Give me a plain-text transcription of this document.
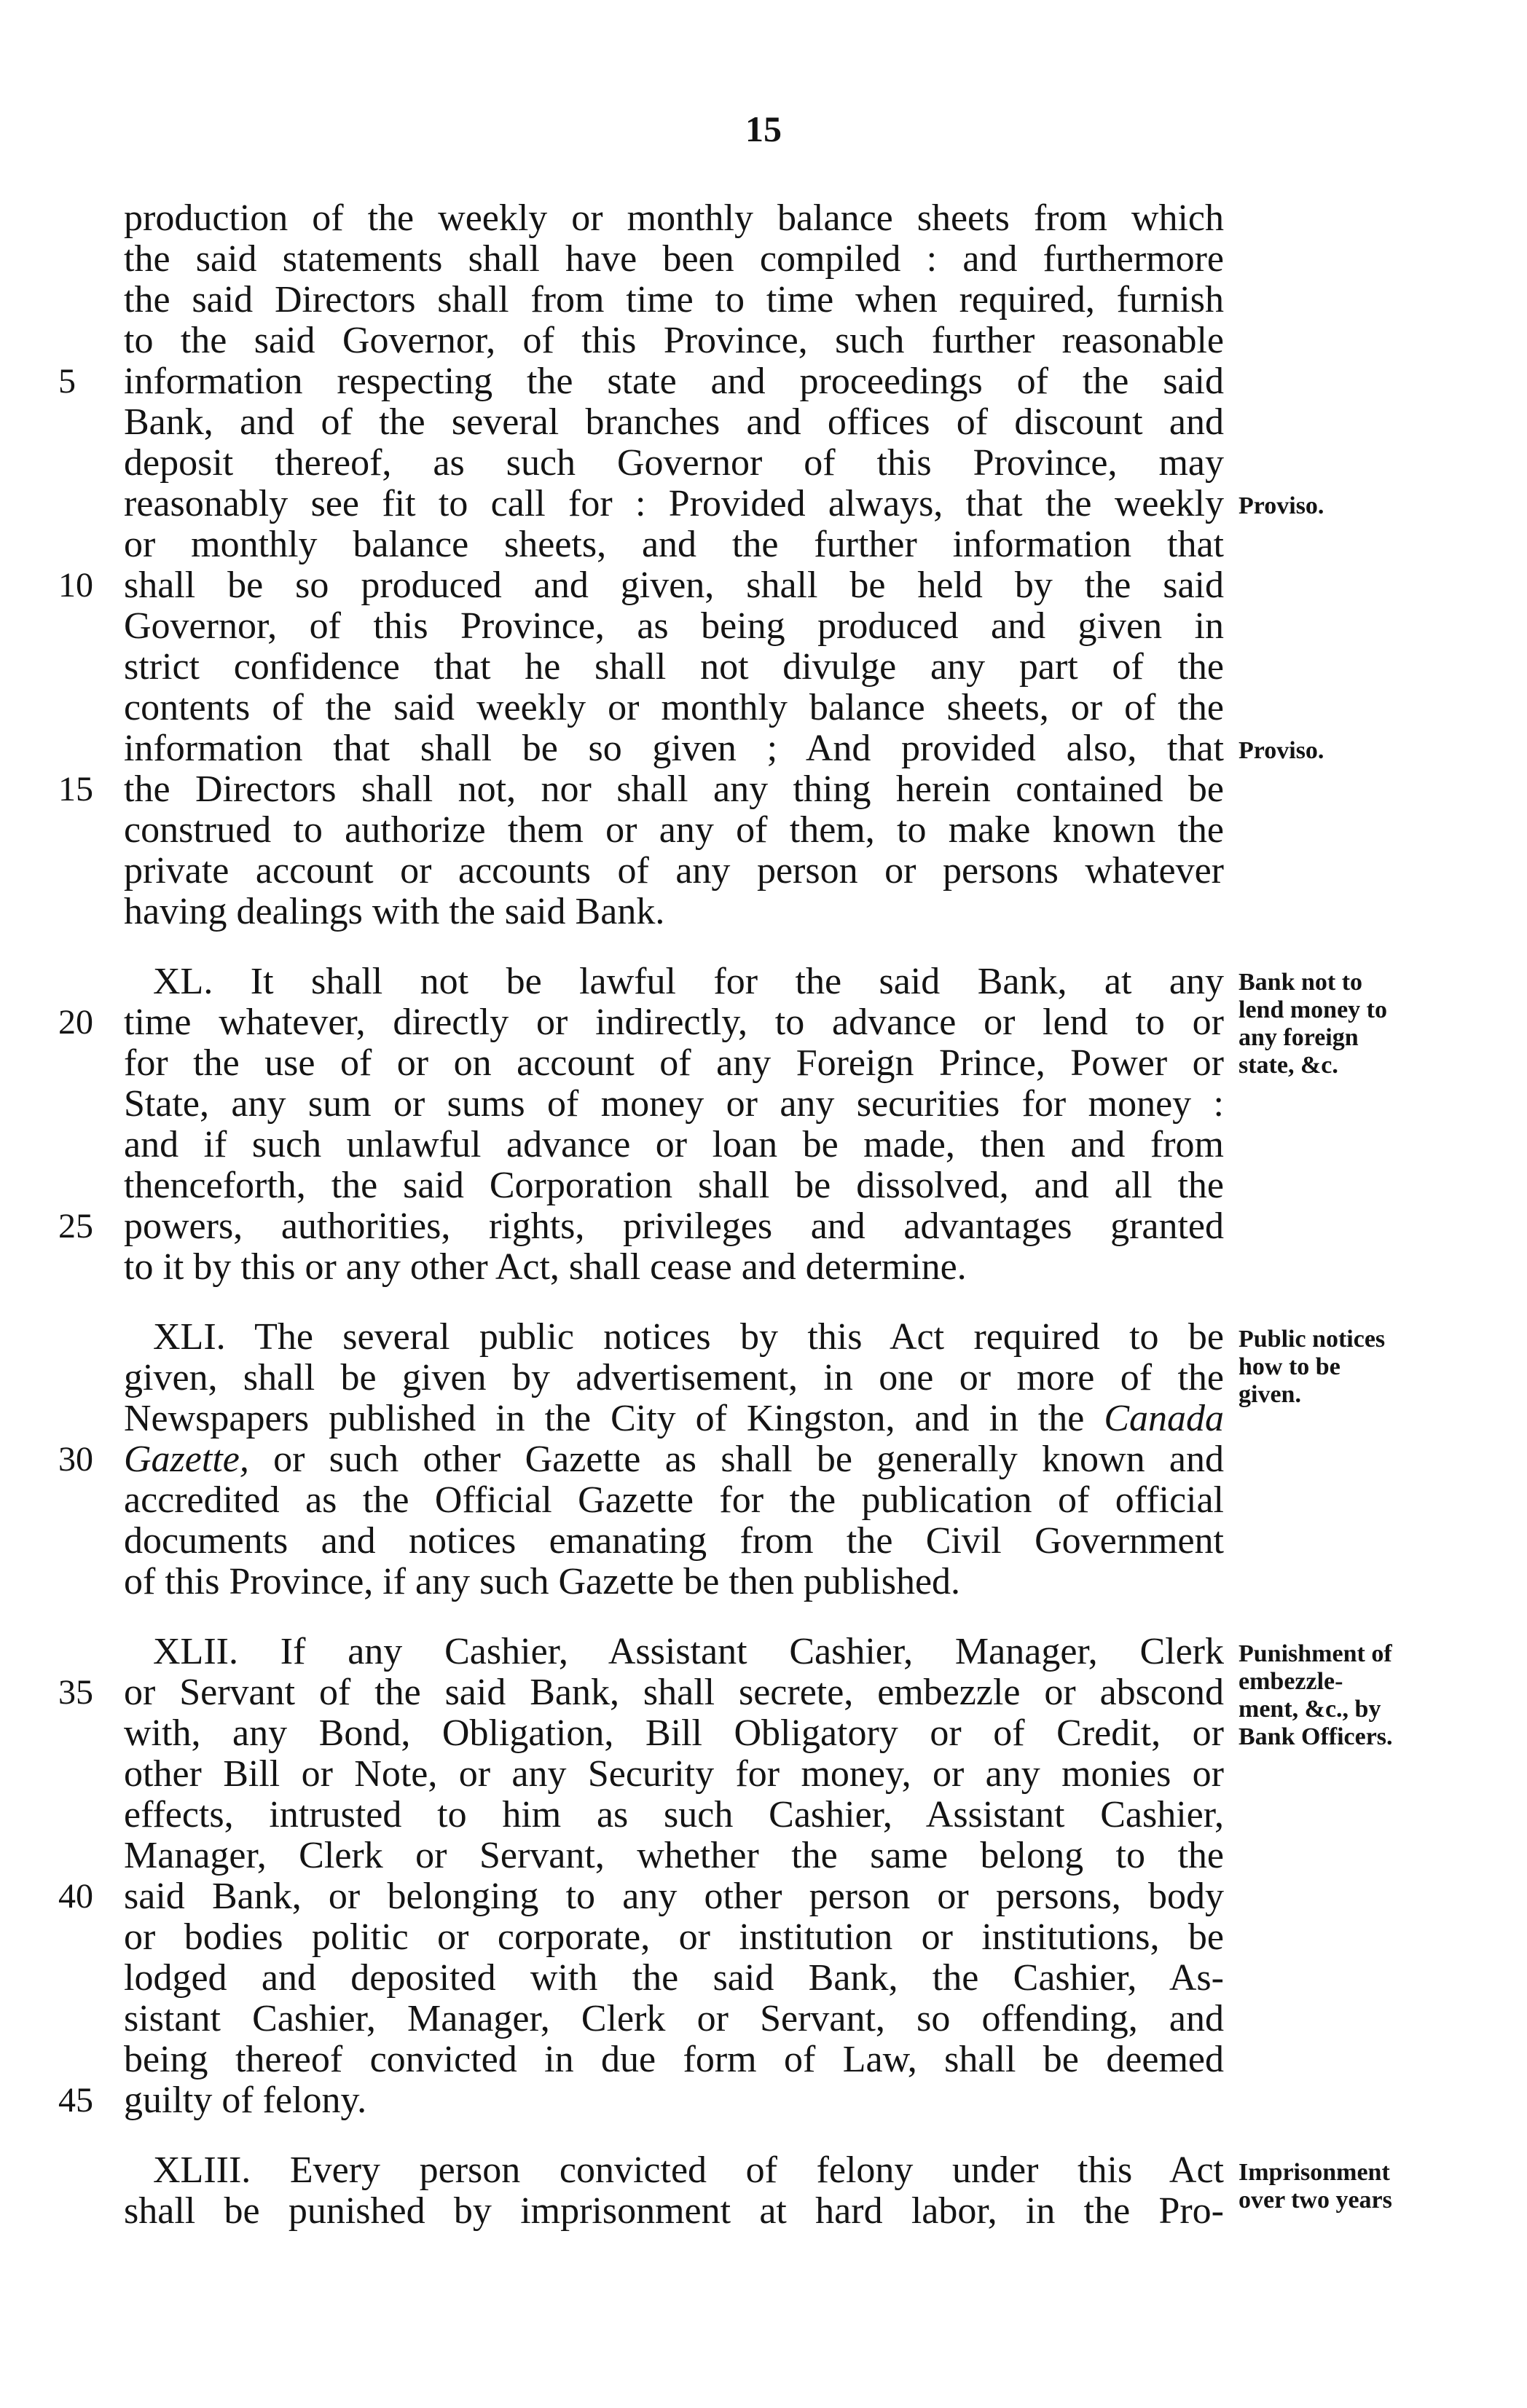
15
production of the weekly or monthly balance sheets from which
the said statements shall have been compiled : and furthermore
the said Directors shall from time to time when required, furnish
to the said Governor, of this Province, such further reasonable
information respecting the state and proceedings of the said
Bank, and of the several branches and offices of discount and
deposit thereof, as such Governor of this Province, may
reasonably see fit to call for : Provided always, that the weekly
or monthly balance sheets, and the further information that
shall be so produced and given, shall be held by the said
Governor, of this Province, as being produced and given in
strict confidence that he shall not divulge any part of the
contents of the said weekly or monthly balance sheets, or of the
information that shall be so given ; And provided also, that
the Directors shall not, nor shall any thing herein contained be
construed to authorize them or any of them, to make known the
private account or accounts of any person or persons whatever
having dealings with the said Bank.
XL. It shall not be lawful for the said Bank, at any
time whatever, directly or indirectly, to advance or lend to or
for the use of or on account of any Foreign Prince, Power or
State, any sum or sums of money or any securities for money :
and if such unlawful advance or loan be made, then and from
thenceforth, the said Corporation shall be dissolved, and all the
powers, authorities, rights, privileges and advantages granted
to it by this or any other Act, shall cease and determine.
XLI. The several public notices by this Act required to be
given, shall be given by advertisement, in one or more of the
Newspapers published in the City of Kingston, and in the Canada
Gazette, or such other Gazette as shall be generally known and
accredited as the Official Gazette for the publication of official
documents and notices emanating from the Civil Government
of this Province, if any such Gazette be then published.
XLII. If any Cashier, Assistant Cashier, Manager, Clerk
or Servant of the said Bank, shall secrete, embezzle or abscond
with, any Bond, Obligation, Bill Obligatory or of Credit, or
other Bill or Note, or any Security for money, or any monies or
effects, intrusted to him as such Cashier, Assistant Cashier,
Manager, Clerk or Servant, whether the same belong to the
said Bank, or belonging to any other person or persons, body
or bodies politic or corporate, or institution or institutions, be
lodged and deposited with the said Bank, the Cashier, As-
sistant Cashier, Manager, Clerk or Servant, so offending, and
being thereof convicted in due form of Law, shall be deemed
guilty of felony.
XLIII. Every person convicted of felony under this Act
shall be punished by imprisonment at hard labor, in the Pro-
5
10
15
20
25
30
35
40
45
Proviso.
Proviso.
Bank not to
lend money to
any foreign
state, &c.
Public notices
how to be
given.
Punishment of
embezzle-
ment, &c., by
Bank Officers.
Imprisonment
over two years
